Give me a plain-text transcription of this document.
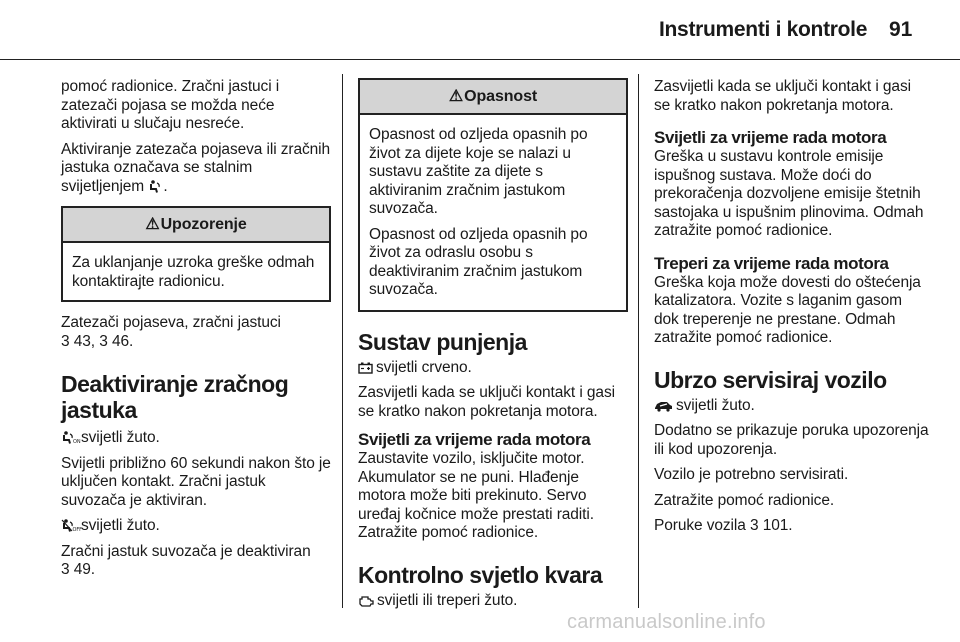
Instrumenti i kontrole 91

pomoć radionice. Zračni jastuci i zatezači pojasa se možda neće aktivirati u slučaju nesreće.

Aktiviranje zatezača pojaseva ili zračnih jastuka označava se stalnim svijetljenjem .

⚠Upozorenje

Za uklanjanje uzroka greške odmah kontaktirajte radionicu.

Zatezači pojaseva, zračni jastuci
3 43, 3 46.

Deaktiviranje zračnog jastuka

ON svijetli žuto.

Svijetli približno 60 sekundi nakon što je uključen kontakt. Zračni jastuk suvozača je aktiviran.

OFF svijetli žuto.

Zračni jastuk suvozača je deaktiviran
3 49.

⚠Opasnost

Opasnost od ozljeda opasnih po život za dijete koje se nalazi u sustavu zaštite za dijete s aktiviranim zračnim jastukom suvozača.

Opasnost od ozljeda opasnih po život za odraslu osobu s deaktiviranim zračnim jastukom suvozača.

Sustav punjenja

svijetli crveno.

Zasvijetli kada se uključi kontakt i gasi se kratko nakon pokretanja motora.

Svijetli za vrijeme rada motora

Zaustavite vozilo, isključite motor. Akumulator se ne puni. Hlađenje motora može biti prekinuto. Servo uređaj kočnice može prestati raditi. Zatražite pomoć radionice.

Kontrolno svjetlo kvara

svijetli ili treperi žuto.

Zasvijetli kada se uključi kontakt i gasi se kratko nakon pokretanja motora.

Svijetli za vrijeme rada motora

Greška u sustavu kontrole emisije ispušnog sustava. Može doći do prekoračenja dozvoljene emisije štetnih sastojaka u ispušnim plinovima. Odmah zatražite pomoć radionice.

Treperi za vrijeme rada motora

Greška koja može dovesti do oštećenja katalizatora. Vozite s laganim gasom dok treperenje ne prestane. Odmah zatražite pomoć radionice.

Ubrzo servisiraj vozilo

svijetli žuto.

Dodatno se prikazuje poruka upozorenja ili kod upozorenja.

Vozilo je potrebno servisirati.

Zatražite pomoć radionice.

Poruke vozila 3 101.

carmanualsonline.info
